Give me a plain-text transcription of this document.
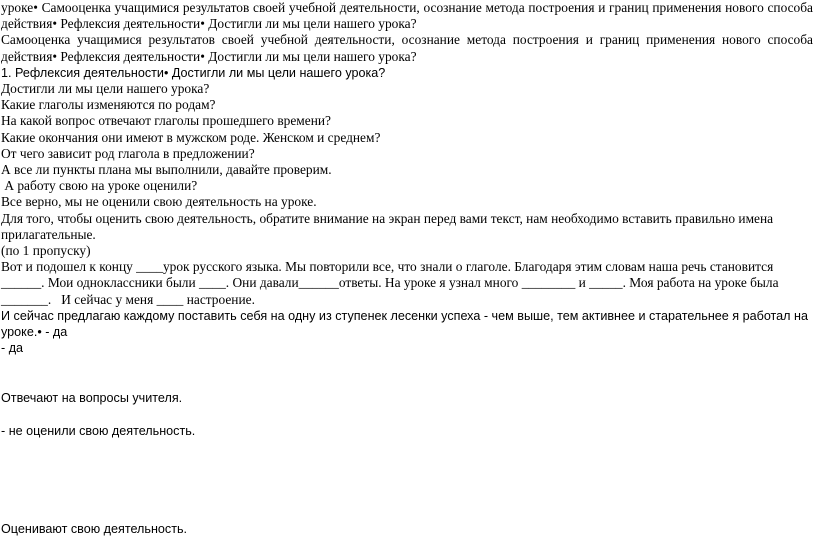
уроке• Самооценка учащимися результатов своей учебной деятельности, осознание метода построения и границ применения нового способа действия• Рефлексия деятельности• Достигли ли мы цели нашего урока?

Самооценка учащимися результатов своей учебной деятельности, осознание метода построения и границ применения нового способа действия• Рефлексия деятельности• Достигли ли мы цели нашего урока?

1. Рефлексия деятельности• Достигли ли мы цели нашего урока?

Достигли ли мы цели нашего урока?

Какие глаголы изменяются по родам?

На какой вопрос отвечают глаголы прошедшего времени?

Какие окончания они имеют в мужском роде. Женском и среднем?

От чего зависит род глагола в предложении?

А все ли пункты плана мы выполнили, давайте проверим.

А работу свою на уроке оценили?

Все верно, мы не оценили свою деятельность на уроке.

Для того, чтобы оценить свою деятельность, обратите внимание на экран перед вами текст, нам необходимо вставить правильно имена прилагательные.

(по 1 пропуску)

Вот и подошел к концу ____урок русского языка. Мы повторили все, что знали о глаголе. Благодаря этим словам наша речь становится ______. Мои одноклассники были ____. Они давали______ответы. На уроке я узнал много ________ и _____. Моя работа на уроке была _______.   И сейчас у меня ____ настроение.

И сейчас предлагаю каждому поставить себя на одну из ступенек лесенки успеха - чем выше, тем активнее и старательнее я работал на уроке.• - да

- да

Отвечают на вопросы учителя.

- не оценили свою деятельность.

Оценивают свою деятельность.
